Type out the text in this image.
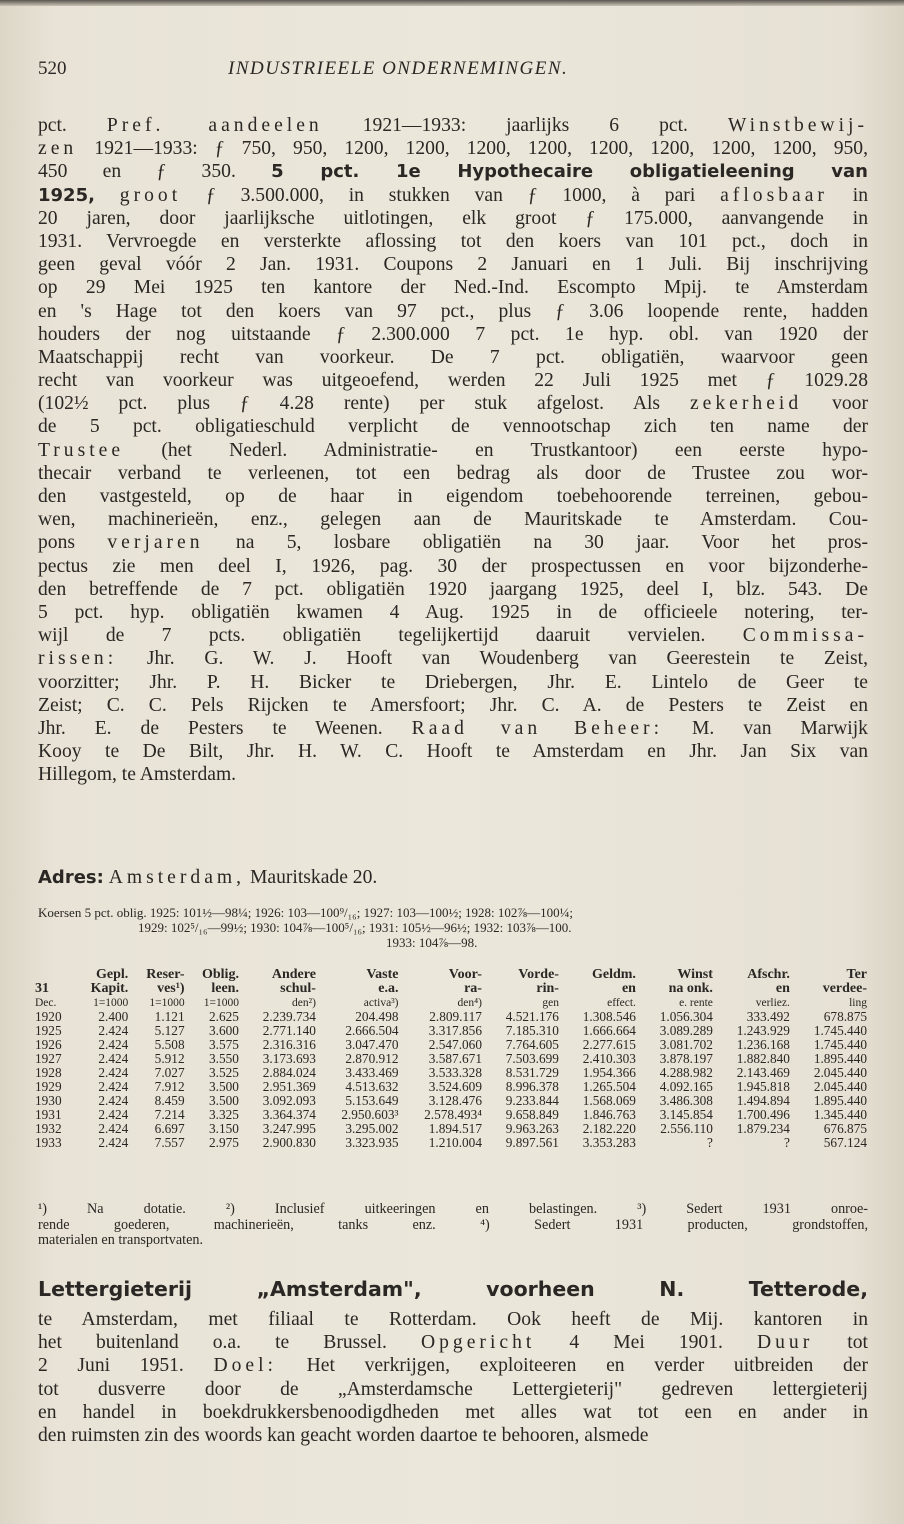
520	INDUSTRIEELE ONDERNEMINGEN.
pct. Pref. aandeelen 1921—1933: jaarlijks 6 pct. Winstbewij-
zen 1921—1933: ƒ 750, 950, 1200, 1200, 1200, 1200, 1200, 1200, 1200, 1200, 950,
450 en ƒ 350. 5 pct. 1e Hypothecaire obligatieleening van
1925, groot ƒ 3.500.000, in stukken van ƒ 1000, à pari aflosbaar in
20 jaren, door jaarlijksche uitlotingen, elk groot ƒ 175.000, aanvangende in
1931. Vervroegde en versterkte aflossing tot den koers van 101 pct., doch in
geen geval vóór 2 Jan. 1931. Coupons 2 Januari en 1 Juli. Bij inschrijving
op 29 Mei 1925 ten kantore der Ned.-Ind. Escompto Mpij. te Amsterdam
en 's Hage tot den koers van 97 pct., plus ƒ 3.06 loopende rente, hadden
houders der nog uitstaande ƒ 2.300.000 7 pct. 1e hyp. obl. van 1920 der
Maatschappij recht van voorkeur. De 7 pct. obligatiën, waarvoor geen
recht van voorkeur was uitgeoefend, werden 22 Juli 1925 met ƒ 1029.28
(102½ pct. plus ƒ 4.28 rente) per stuk afgelost. Als zekerheid voor
de 5 pct. obligatieschuld verplicht de vennootschap zich ten name der
Trustee (het Nederl. Administratie- en Trustkantoor) een eerste hypo-
thecair verband te verleenen, tot een bedrag als door de Trustee zou wor-
den vastgesteld, op de haar in eigendom toebehoorende terreinen, gebou-
wen, machinerieën, enz., gelegen aan de Mauritskade te Amsterdam. Cou-
pons verjaren na 5, losbare obligatiën na 30 jaar. Voor het pros-
pectus zie men deel I, 1926, pag. 30 der prospectussen en voor bijzonderhe-
den betreffende de 7 pct. obligatiën 1920 jaargang 1925, deel I, blz. 543. De
5 pct. hyp. obligatiën kwamen 4 Aug. 1925 in de officieele notering, ter-
wijl de 7 pcts. obligatiën tegelijkertijd daaruit vervielen. Commissa-
rissen: Jhr. G. W. J. Hooft van Woudenberg van Geerestein te Zeist,
voorzitter; Jhr. P. H. Bicker te Driebergen, Jhr. E. Lintelo de Geer te
Zeist; C. C. Pels Rijcken te Amersfoort; Jhr. C. A. de Pesters te Zeist en
Jhr. E. de Pesters te Weenen. Raad van Beheer: M. van Marwijk
Kooy te De Bilt, Jhr. H. W. C. Hooft te Amsterdam en Jhr. Jan Six van
Hillegom, te Amsterdam.
Adres: Amsterdam, Mauritskade 20.
Koersen 5 pct. oblig. 1925: 101½—98¼; 1926: 103—100⁹/₁₆; 1927: 103—100½; 1928: 102⅞—100¼;
1929: 102⁵/₁₆—99½; 1930: 104⅞—100⁵/₁₆; 1931: 105½—96½; 1932: 103⅞—100.
1933: 104⅞—98.
	Gepl.	Reser-	Oblig.	Andere	Vaste	Voor-	Vorde-	Geldm.	Winst	Afschr.	Ter
31	Kapit.	ves¹)	leen.	schul-	e.a.	ra-	rin-	en	na onk.	en	verdee-
Dec.	1=1000	1=1000	1=1000	den²)	activa³)	den⁴)	gen	effect.	e. rente	verliez.	ling
1920	2.400	1.121	2.625	2.239.734	204.498	2.809.117	4.521.176	1.308.546	1.056.304	333.492	678.875
1925	2.424	5.127	3.600	2.771.140	2.666.504	3.317.856	7.185.310	1.666.664	3.089.289	1.243.929	1.745.440
1926	2.424	5.508	3.575	2.316.316	3.047.470	2.547.060	7.764.605	2.277.615	3.081.702	1.236.168	1.745.440
1927	2.424	5.912	3.550	3.173.693	2.870.912	3.587.671	7.503.699	2.410.303	3.878.197	1.882.840	1.895.440
1928	2.424	7.027	3.525	2.884.024	3.433.469	3.533.328	8.531.729	1.954.366	4.288.982	2.143.469	2.045.440
1929	2.424	7.912	3.500	2.951.369	4.513.632	3.524.609	8.996.378	1.265.504	4.092.165	1.945.818	2.045.440
1930	2.424	8.459	3.500	3.092.093	5.153.649	3.128.476	9.233.844	1.568.069	3.486.308	1.494.894	1.895.440
1931	2.424	7.214	3.325	3.364.374	2.950.603³	2.578.493⁴	9.658.849	1.846.763	3.145.854	1.700.496	1.345.440
1932	2.424	6.697	3.150	3.247.995	3.295.002	1.894.517	9.963.263	2.182.220	2.556.110	1.879.234	676.875
1933	2.424	7.557	2.975	2.900.830	3.323.935	1.210.004	9.897.561	3.353.283	?	?	567.124
¹) Na dotatie. ²) Inclusief uitkeeringen en belastingen. ³) Sedert 1931 onroe-
rende goederen, machinerieën, tanks enz. ⁴) Sedert 1931 producten, grondstoffen,
materialen en transportvaten.
Lettergieterij „Amsterdam", voorheen N. Tetterode,
te Amsterdam, met filiaal te Rotterdam. Ook heeft de Mij. kantoren in
het buitenland o.a. te Brussel. Opgericht 4 Mei 1901. Duur tot
2 Juni 1951. Doel: Het verkrijgen, exploiteeren en verder uitbreiden der
tot dusverre door de „Amsterdamsche Lettergieterij" gedreven lettergieterij
en handel in boekdrukkersbenoodigdheden met alles wat tot een en ander in
den ruimsten zin des woords kan geacht worden daartoe te behooren, alsmede
